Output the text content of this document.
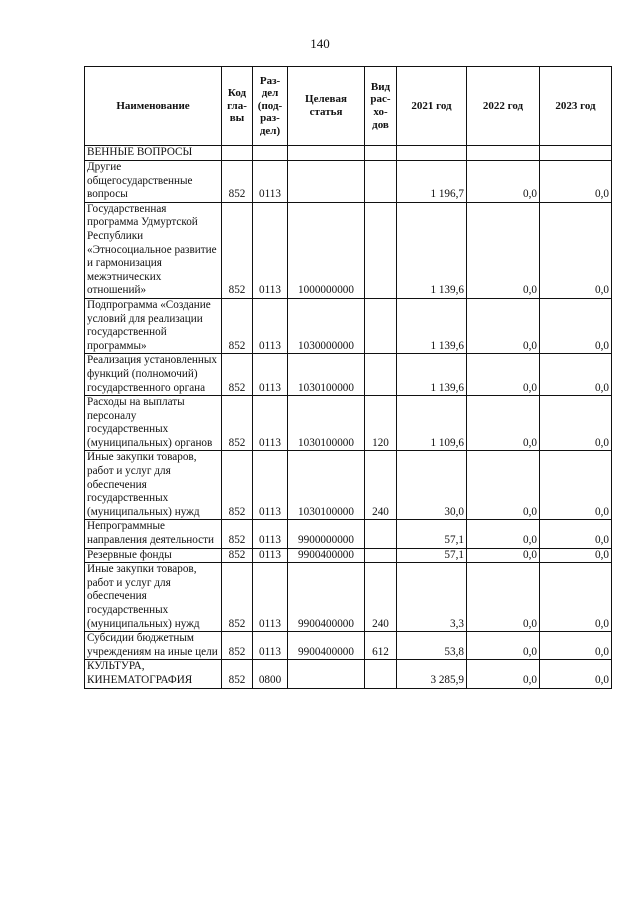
140
Наименование	Код гла-вы	Раз-дел (под-раз-дел)	Целевая статья	Вид рас-хо-дов	2021 год	2022 год	2023 год
ВЕННЫЕ ВОПРОСЫ							
Другие общегосударственные вопросы	852	0113			1 196,7	0,0	0,0
Государственная программа Удмуртской Республики «Этносоциальное развитие и гармонизация межэтнических отношений»	852	0113	1000000000		1 139,6	0,0	0,0
Подпрограмма «Создание условий для реализации государственной программы»	852	0113	1030000000		1 139,6	0,0	0,0
Реализация установленных функций (полномочий) государственного органа	852	0113	1030100000		1 139,6	0,0	0,0
Расходы на выплаты персоналу государственных (муниципальных) органов	852	0113	1030100000	120	1 109,6	0,0	0,0
Иные закупки товаров, работ и услуг для обеспечения государственных (муниципальных) нужд	852	0113	1030100000	240	30,0	0,0	0,0
Непрограммные направления деятельности	852	0113	9900000000		57,1	0,0	0,0
Резервные фонды	852	0113	9900400000		57,1	0,0	0,0
Иные закупки товаров, работ и услуг для обеспечения государственных (муниципальных) нужд	852	0113	9900400000	240	3,3	0,0	0,0
Субсидии бюджетным учреждениям на иные цели	852	0113	9900400000	612	53,8	0,0	0,0
КУЛЬТУРА, КИНЕМАТОГРАФИЯ	852	0800			3 285,9	0,0	0,0
